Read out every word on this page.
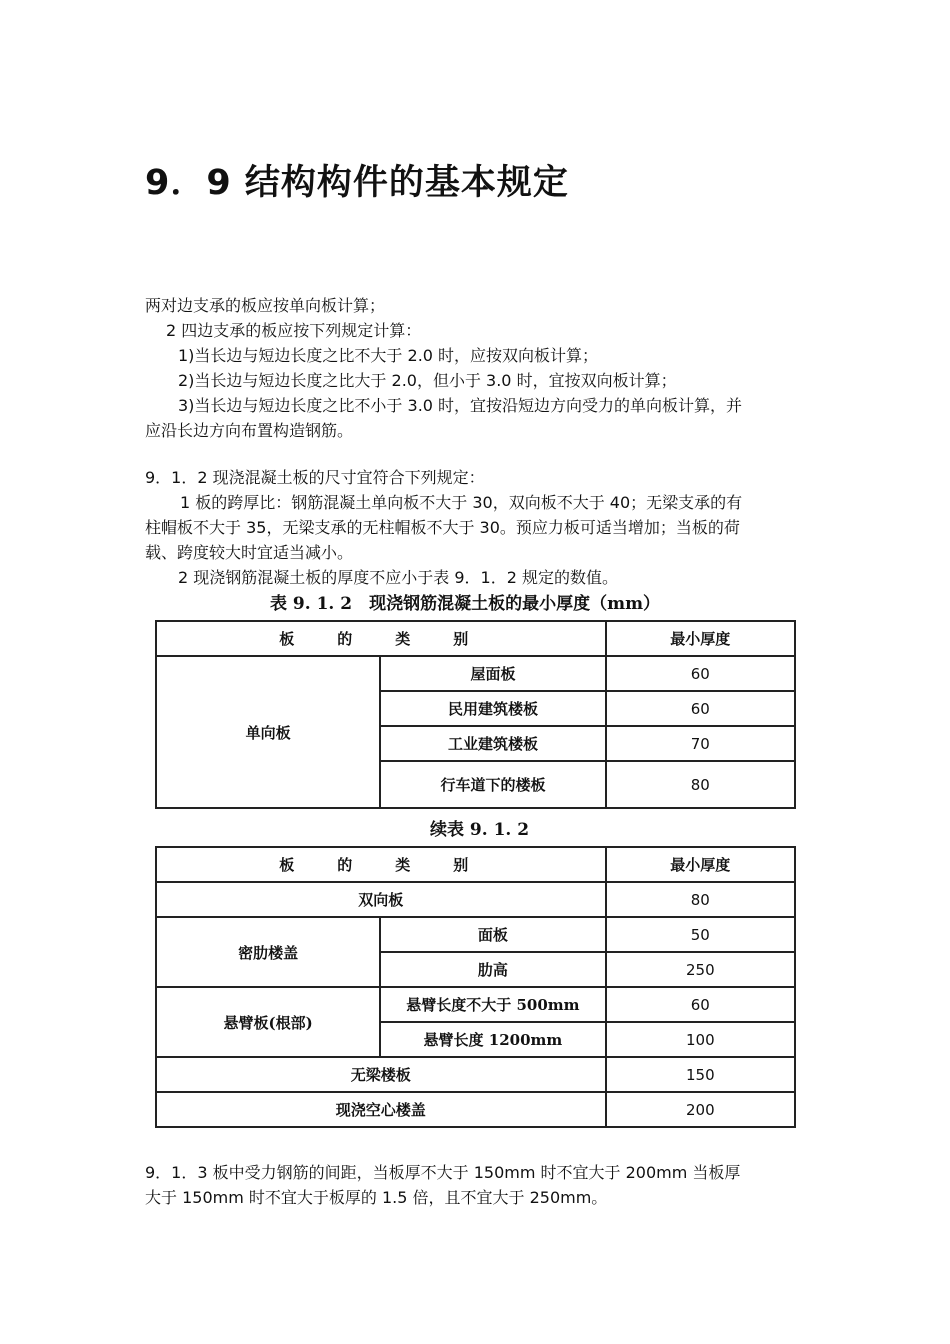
9．9 结构构件的基本规定

两对边支承的板应按单向板计算；

2 四边支承的板应按下列规定计算：

1)当长边与短边长度之比不大于 2.0 时，应按双向板计算；

2)当长边与短边长度之比大于 2.0，但小于 3.0 时，宜按双向板计算；

3)当长边与短边长度之比不小于 3.0 时，宜按沿短边方向受力的单向板计算，并

应沿长边方向布置构造钢筋。

9．1．2 现浇混凝土板的尺寸宜符合下列规定：

1 板的跨厚比：钢筋混凝土单向板不大于 30，双向板不大于 40；无梁支承的有

柱帽板不大于 35，无梁支承的无柱帽板不大于 30。预应力板可适当增加；当板的荷

载、跨度较大时宜适当减小。

2 现浇钢筋混凝土板的厚度不应小于表 9．1．2 规定的数值。

表 9. 1. 2　现浇钢筋混凝土板的最小厚度（mm）
板　的　类　别		最小厚度
单向板	屋面板	60
	民用建筑楼板	60
	工业建筑楼板	70
	行车道下的楼板	80
续表 9. 1. 2
板　的　类　别		最小厚度
双向板		80
密肋楼盖	面板	50
	肋高	250
悬臂板(根部)	悬臂长度不大于 500mm	60
	悬臂长度 1200mm	100
无梁楼板		150
现浇空心楼盖		200

9．1．3 板中受力钢筋的间距，当板厚不大于 150mm 时不宜大于 200mm 当板厚

大于 150mm 时不宜大于板厚的 1.5 倍，且不宜大于 250mm。
